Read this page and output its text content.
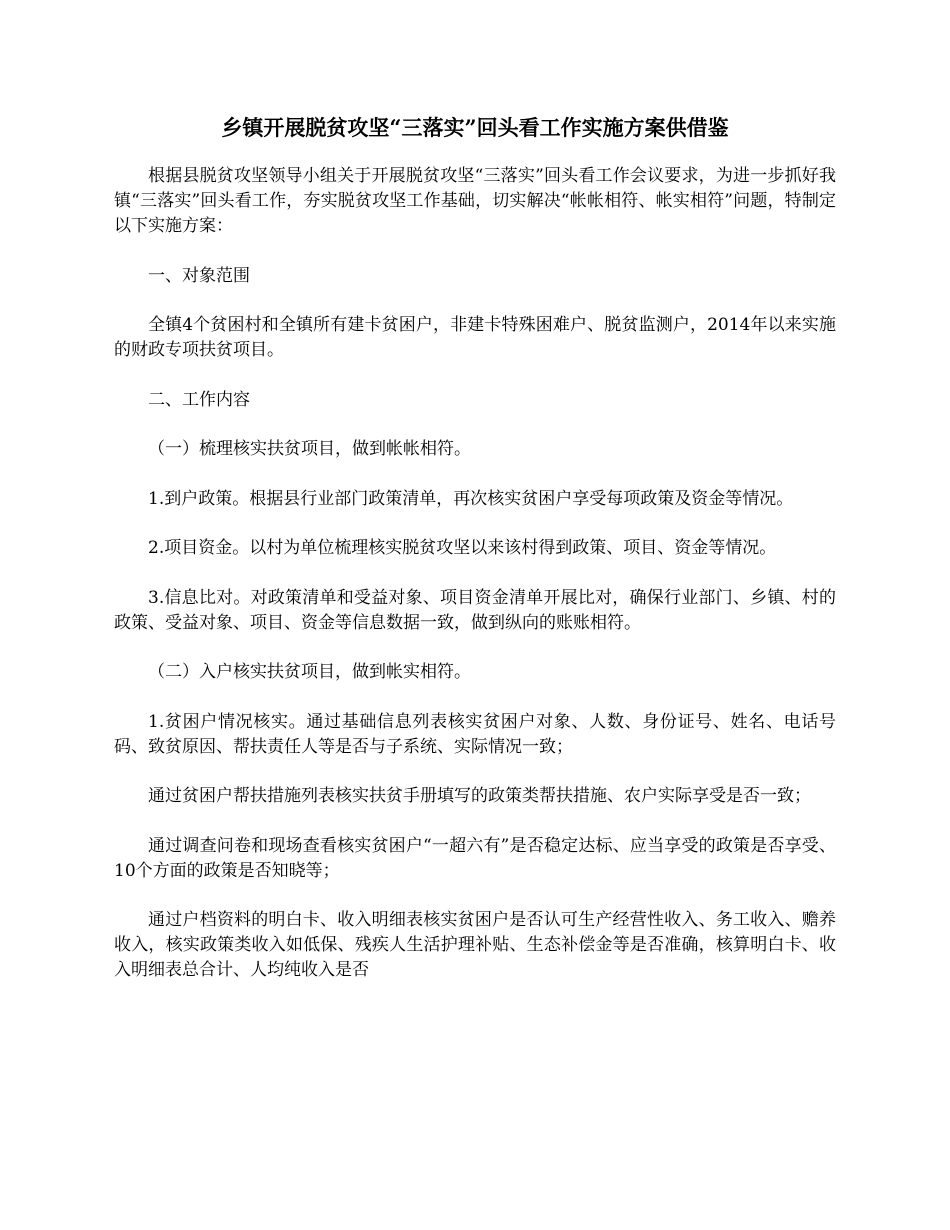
乡镇开展脱贫攻坚“三落实”回头看工作实施方案供借鉴

根据县脱贫攻坚领导小组关于开展脱贫攻坚“三落实”回头看工作会议要求，为进一步抓好我镇“三落实”回头看工作，夯实脱贫攻坚工作基础，切实解决“帐帐相符、帐实相符”问题，特制定以下实施方案：

一、对象范围

全镇4个贫困村和全镇所有建卡贫困户，非建卡特殊困难户、脱贫监测户，2014年以来实施的财政专项扶贫项目。

二、工作内容

（一）梳理核实扶贫项目，做到帐帐相符。

1.到户政策。根据县行业部门政策清单，再次核实贫困户享受每项政策及资金等情况。

2.项目资金。以村为单位梳理核实脱贫攻坚以来该村得到政策、项目、资金等情况。

3.信息比对。对政策清单和受益对象、项目资金清单开展比对，确保行业部门、乡镇、村的政策、受益对象、项目、资金等信息数据一致，做到纵向的账账相符。

（二）入户核实扶贫项目，做到帐实相符。

1.贫困户情况核实。通过基础信息列表核实贫困户对象、人数、身份证号、姓名、电话号码、致贫原因、帮扶责任人等是否与子系统、实际情况一致；

通过贫困户帮扶措施列表核实扶贫手册填写的政策类帮扶措施、农户实际享受是否一致；

通过调查问卷和现场查看核实贫困户“一超六有”是否稳定达标、应当享受的政策是否享受、10个方面的政策是否知晓等；

通过户档资料的明白卡、收入明细表核实贫困户是否认可生产经营性收入、务工收入、赡养收入，核实政策类收入如低保、残疾人生活护理补贴、生态补偿金等是否准确，核算明白卡、收入明细表总合计、人均纯收入是否
